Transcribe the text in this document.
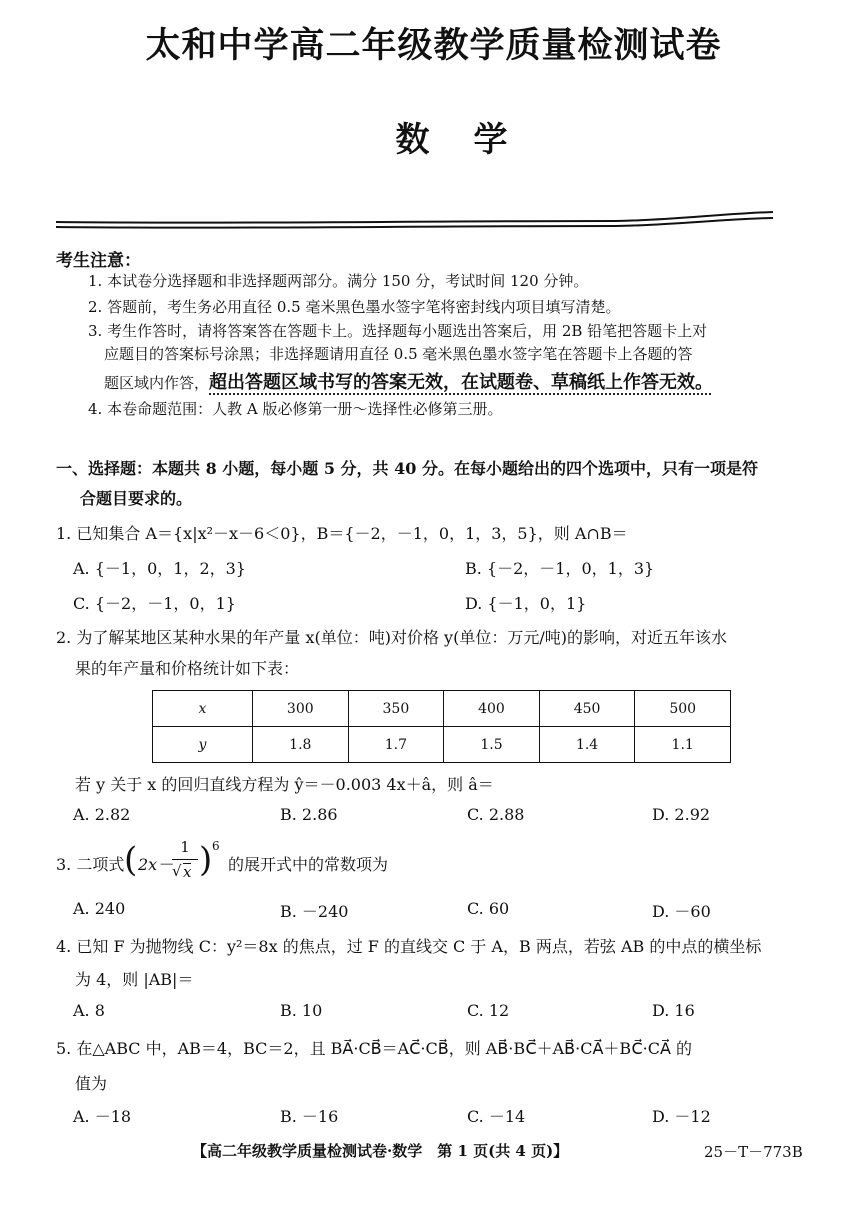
太和中学高二年级教学质量检测试卷
数学
考生注意：
1. 本试卷分选择题和非选择题两部分。满分 150 分，考试时间 120 分钟。
2. 答题前，考生务必用直径 0.5 毫米黑色墨水签字笔将密封线内项目填写清楚。
3. 考生作答时，请将答案答在答题卡上。选择题每小题选出答案后，用 2B 铅笔把答题卡上对
应题目的答案标号涂黑；非选择题请用直径 0.5 毫米黑色墨水签字笔在答题卡上各题的答
题区域内作答，超出答题区域书写的答案无效，在试题卷、草稿纸上作答无效。
4. 本卷命题范围：人教 A 版必修第一册～选择性必修第三册。
一、选择题：本题共 8 小题，每小题 5 分，共 40 分。在每小题给出的四个选项中，只有一项是符
合题目要求的。
1. 已知集合 A＝{x|x²－x－6＜0}，B＝{－2，－1，0，1，3，5}，则 A∩B＝
A. {－1，0，1，2，3}	B. {－2，－1，0，1，3}
C. {－2，－1，0，1}	D. {－1，0，1}
2. 为了解某地区某种水果的年产量 x(单位：吨)对价格 y(单位：万元/吨)的影响，对近五年该水
果的年产量和价格统计如下表：
x	300	350	400	450	500
y	1.8	1.7	1.5	1.4	1.1
若 y 关于 x 的回归直线方程为 ŷ＝－0.003 4x＋â，则 â＝
A. 2.82	B. 2.86	C. 2.88	D. 2.92
3. 二项式 ( 2x－
1
√ x ) 6
的展开式中的常数项为
A. 240	B. －240	C. 60	D. －60
4. 已知 F 为抛物线 C：y²＝8x 的焦点，过 F 的直线交 C 于 A，B 两点，若弦 AB 的中点的横坐标
为 4，则 |AB|＝
A. 8	B. 10	C. 12	D. 16
5. 在△ABC 中，AB＝4，BC＝2，且 BA⃗·CB⃗＝AC⃗·CB⃗，则 AB⃗·BC⃗＋AB⃗·CA⃗＋BC⃗·CA⃗ 的
值为
A. －18	B. －16	C. －14	D. －12
【高二年级教学质量检测试卷·数学　第 1 页(共 4 页)】	25－T－773B
